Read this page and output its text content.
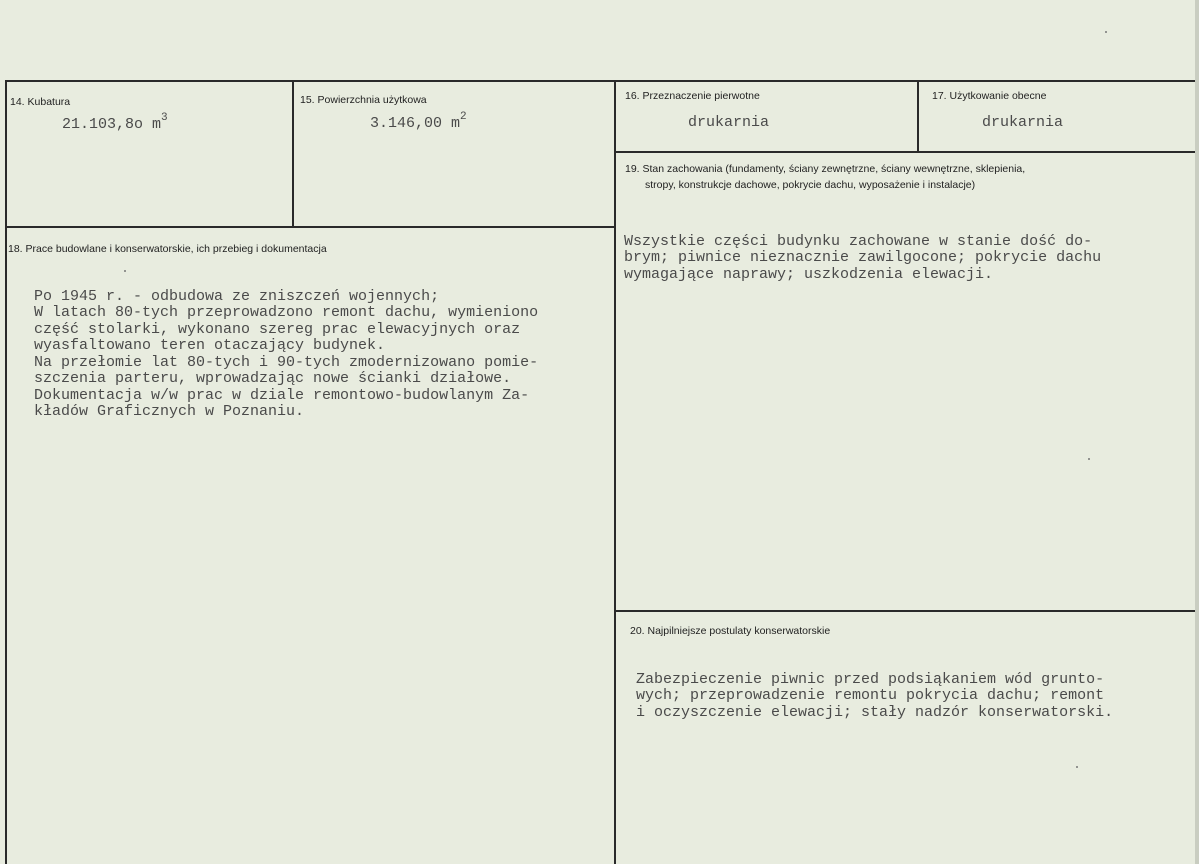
14. Kubatura
21.103,8o $m^3$
15. Powierzchnia użytkowa
3.146,00 $m^2$
16. Przeznaczenie pierwotne
drukarnia
17. Użytkowanie obecne
drukarnia
18. Prace budowlane i konserwatorskie, ich przebieg i dokumentacja

Po 1945 r. - odbudowa ze zniszczeń wojennych;
W latach 80-tych przeprowadzono remont dachu, wymieniono
część stolarki, wykonano szereg prac elewacyjnych oraz
wyasfaltowano teren otaczający budynek.
Na przełomie lat 80-tych i 90-tych zmodernizowano pomie-
szczenia parteru, wprowadzając nowe ścianki działowe.
Dokumentacja w/w prac w dziale remontowo-budowlanym Za-
kładów Graficznych w Poznaniu.

19. Stan zachowania (fundamenty, ściany zewnętrzne, ściany wewnętrzne, sklepienia,
stropy, konstrukcje dachowe, pokrycie dachu, wyposażenie i instalacje)

Wszystkie części budynku zachowane w stanie dość do-
brym; piwnice nieznacznie zawilgocone; pokrycie dachu
wymagające naprawy; uszkodzenia elewacji.

20. Najpilniejsze postulaty konserwatorskie

Zabezpieczenie piwnic przed podsiąkaniem wód grunto-
wych; przeprowadzenie remontu pokrycia dachu; remont
i oczyszczenie elewacji; stały nadzór konserwatorski.
